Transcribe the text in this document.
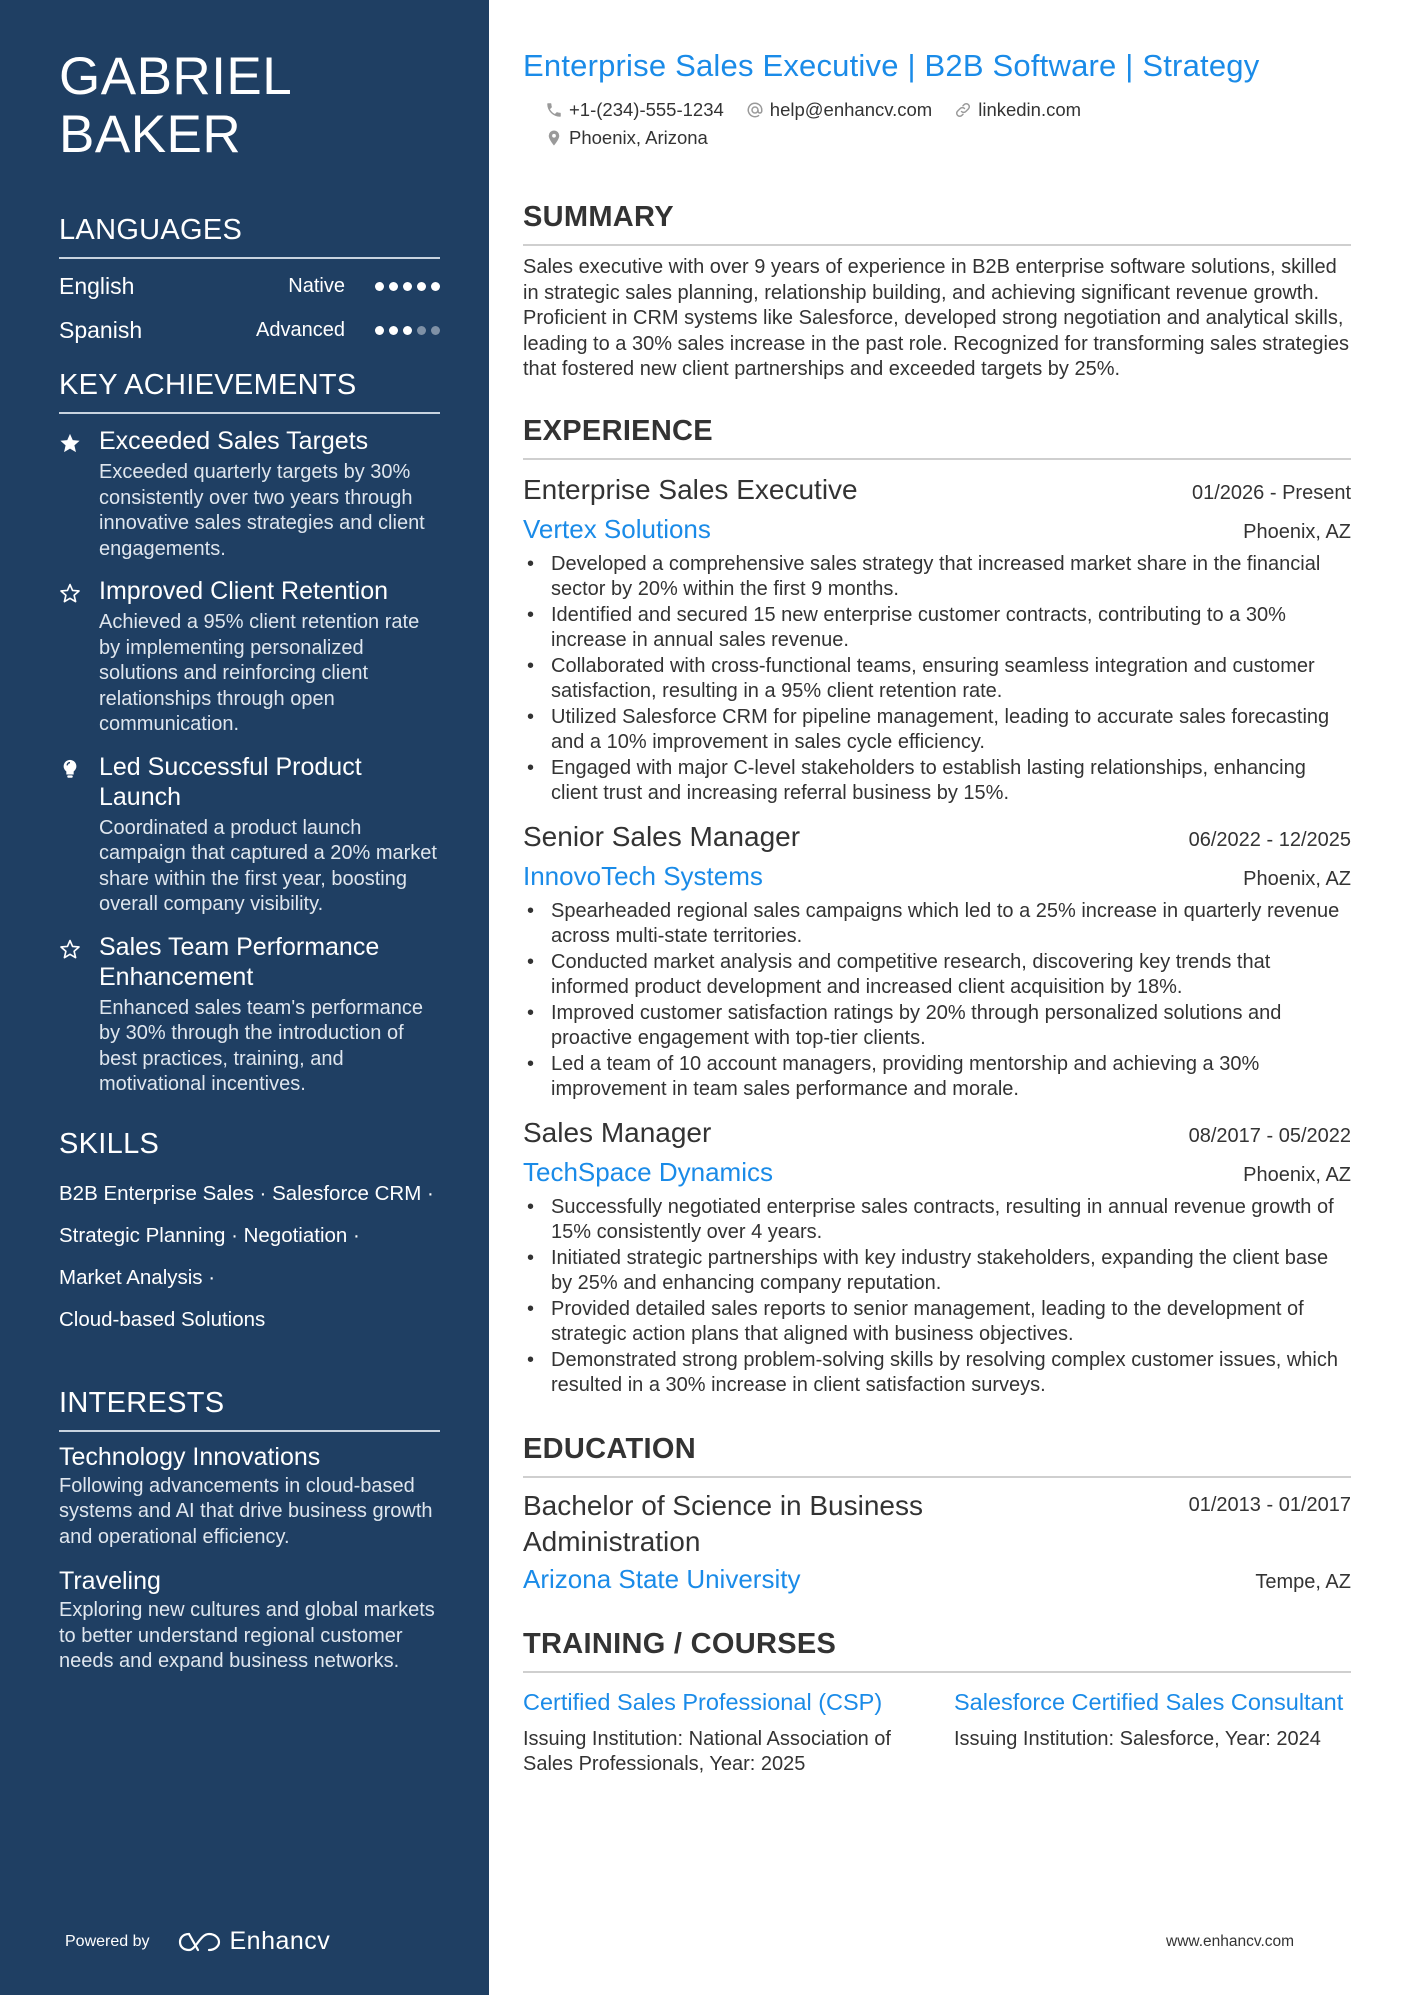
GABRIEL BAKER
LANGUAGES
English	Native
Spanish	Advanced
KEY ACHIEVEMENTS
Exceeded Sales Targets
Exceeded quarterly targets by 30% consistently over two years through innovative sales strategies and client engagements.
Improved Client Retention
Achieved a 95% client retention rate by implementing personalized solutions and reinforcing client relationships through open communication.
Led Successful Product Launch
Coordinated a product launch campaign that captured a 20% market share within the first year, boosting overall company visibility.
Sales Team Performance Enhancement
Enhanced sales team's performance by 30% through the introduction of best practices, training, and motivational incentives.
SKILLS
B2B Enterprise Sales · Salesforce CRM ·
Strategic Planning · Negotiation ·
Market Analysis ·
Cloud-based Solutions
INTERESTS
Technology Innovations
Following advancements in cloud-based systems and AI that drive business growth and operational efficiency.
Traveling
Exploring new cultures and global markets to better understand regional customer needs and expand business networks.
Powered by	Enhancv
Enterprise Sales Executive | B2B Software | Strategy
+1-(234)-555-1234 help@enhancv.com linkedin.com
Phoenix, Arizona
SUMMARY

Sales executive with over 9 years of experience in B2B enterprise software solutions, skilled in strategic sales planning, relationship building, and achieving significant revenue growth. Proficient in CRM systems like Salesforce, developed strong negotiation and analytical skills, leading to a 30% sales increase in the past role. Recognized for transforming sales strategies that fostered new client partnerships and exceeded targets by 25%.

EXPERIENCE
Enterprise Sales Executive	01/2026 - Present
Vertex Solutions	Phoenix, AZ
• Developed a comprehensive sales strategy that increased market share in the financial sector by 20% within the first 9 months.
• Identified and secured 15 new enterprise customer contracts, contributing to a 30% increase in annual sales revenue.
• Collaborated with cross-functional teams, ensuring seamless integration and customer satisfaction, resulting in a 95% client retention rate.
• Utilized Salesforce CRM for pipeline management, leading to accurate sales forecasting and a 10% improvement in sales cycle efficiency.
• Engaged with major C-level stakeholders to establish lasting relationships, enhancing client trust and increasing referral business by 15%.
Senior Sales Manager	06/2022 - 12/2025
InnovoTech Systems	Phoenix, AZ
• Spearheaded regional sales campaigns which led to a 25% increase in quarterly revenue across multi-state territories.
• Conducted market analysis and competitive research, discovering key trends that informed product development and increased client acquisition by 18%.
• Improved customer satisfaction ratings by 20% through personalized solutions and proactive engagement with top-tier clients.
• Led a team of 10 account managers, providing mentorship and achieving a 30% improvement in team sales performance and morale.
Sales Manager	08/2017 - 05/2022
TechSpace Dynamics	Phoenix, AZ
• Successfully negotiated enterprise sales contracts, resulting in annual revenue growth of 15% consistently over 4 years.
• Initiated strategic partnerships with key industry stakeholders, expanding the client base by 25% and enhancing company reputation.
• Provided detailed sales reports to senior management, leading to the development of strategic action plans that aligned with business objectives.
• Demonstrated strong problem-solving skills by resolving complex customer issues, which resulted in a 30% increase in client satisfaction surveys.
EDUCATION
Bachelor of Science in Business Administration
01/2013 - 01/2017
Arizona State University	Tempe, AZ
TRAINING / COURSES
Certified Sales Professional (CSP)
Issuing Institution: National Association of Sales Professionals, Year: 2025
Salesforce Certified Sales Consultant
Issuing Institution: Salesforce, Year: 2024
www.enhancv.com
